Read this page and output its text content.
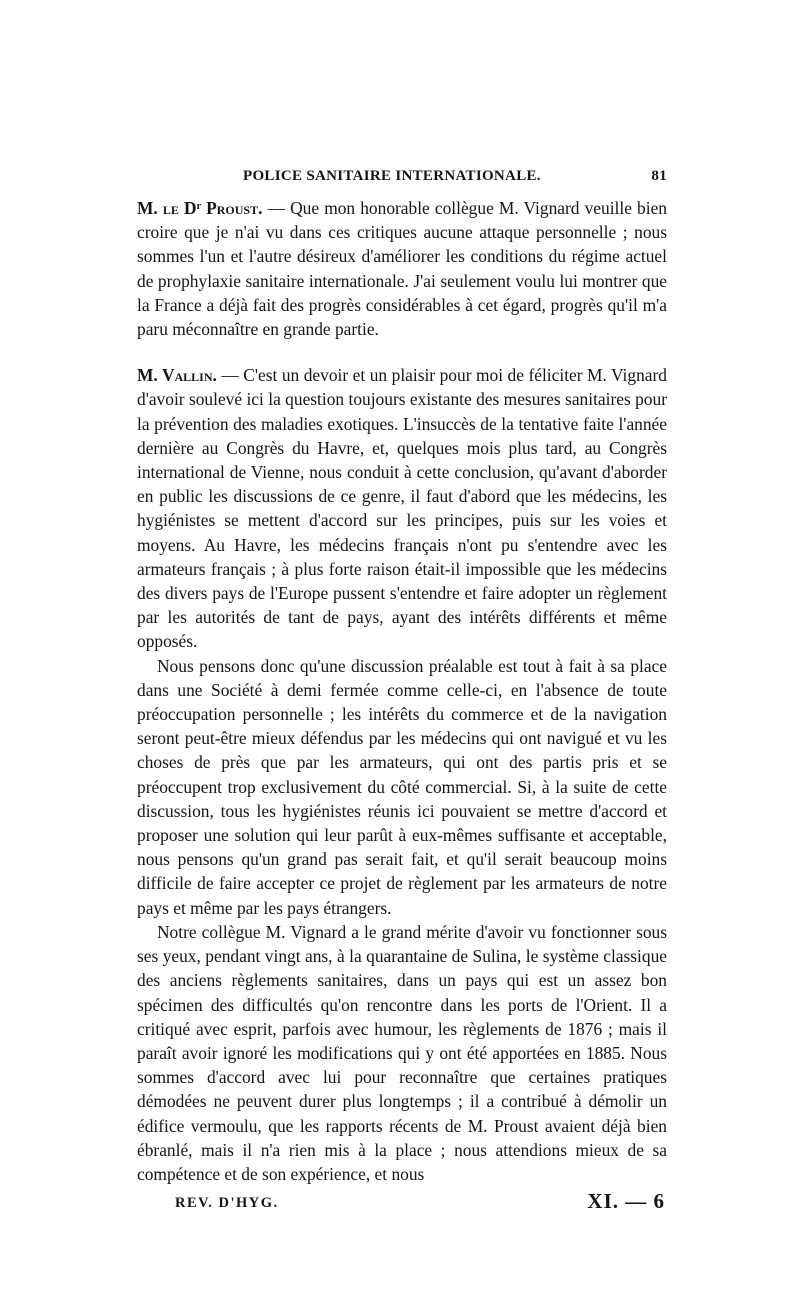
POLICE SANITAIRE INTERNATIONALE.	81

M. le Dʳ Proust. — Que mon honorable collègue M. Vignard veuille bien croire que je n'ai vu dans ces critiques aucune attaque personnelle ; nous sommes l'un et l'autre désireux d'améliorer les conditions du régime actuel de prophylaxie sanitaire internationale. J'ai seulement voulu lui montrer que la France a déjà fait des progrès considérables à cet égard, progrès qu'il m'a paru méconnaître en grande partie.

M. Vallin. — C'est un devoir et un plaisir pour moi de féliciter M. Vignard d'avoir soulevé ici la question toujours existante des mesures sanitaires pour la prévention des maladies exotiques. L'insuccès de la tentative faite l'année dernière au Congrès du Havre, et, quelques mois plus tard, au Congrès international de Vienne, nous conduit à cette conclusion, qu'avant d'aborder en public les discussions de ce genre, il faut d'abord que les médecins, les hygiénistes se mettent d'accord sur les principes, puis sur les voies et moyens. Au Havre, les médecins français n'ont pu s'entendre avec les armateurs français ; à plus forte raison était-il impossible que les médecins des divers pays de l'Europe pussent s'entendre et faire adopter un règlement par les autorités de tant de pays, ayant des intérêts différents et même opposés.

Nous pensons donc qu'une discussion préalable est tout à fait à sa place dans une Société à demi fermée comme celle-ci, en l'absence de toute préoccupation personnelle ; les intérêts du commerce et de la navigation seront peut-être mieux défendus par les médecins qui ont navigué et vu les choses de près que par les armateurs, qui ont des partis pris et se préoccupent trop exclusivement du côté commercial. Si, à la suite de cette discussion, tous les hygiénistes réunis ici pouvaient se mettre d'accord et proposer une solution qui leur parût à eux-mêmes suffisante et acceptable, nous pensons qu'un grand pas serait fait, et qu'il serait beaucoup moins difficile de faire accepter ce projet de règlement par les armateurs de notre pays et même par les pays étrangers.

Notre collègue M. Vignard a le grand mérite d'avoir vu fonctionner sous ses yeux, pendant vingt ans, à la quarantaine de Sulina, le système classique des anciens règlements sanitaires, dans un pays qui est un assez bon spécimen des difficultés qu'on rencontre dans les ports de l'Orient. Il a critiqué avec esprit, parfois avec humour, les règlements de 1876 ; mais il paraît avoir ignoré les modifications qui y ont été apportées en 1885. Nous sommes d'accord avec lui pour reconnaître que certaines pratiques démodées ne peuvent durer plus longtemps ; il a contribué à démolir un édifice vermoulu, que les rapports récents de M. Proust avaient déjà bien ébranlé, mais il n'a rien mis à la place ; nous attendions mieux de sa compétence et de son expérience, et nous

REV. D'HYG.	XI. — 6
